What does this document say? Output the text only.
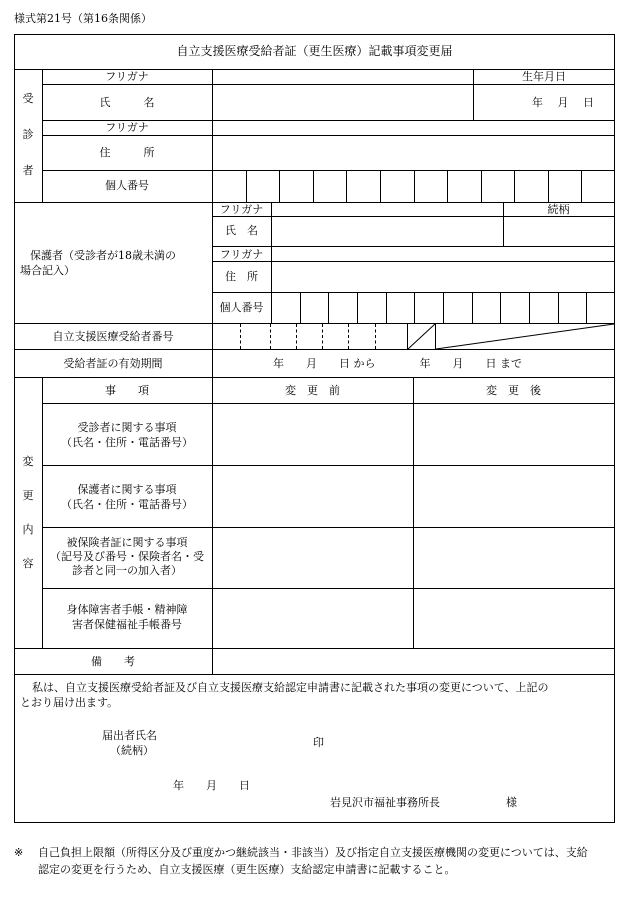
様式第21号（第16条関係）
自立支援医療受給者証（更生医療）記載事項変更届
受
診
者
フリガナ	生年月日
氏　　　名	年　 月　 日
フリガナ
住　　　所
個人番号
保護者（受診者が18歳未満の
場合記入）
フリガナ	続柄
氏　名
フリガナ
住　所
個人番号
自立支援医療受給者番号
受給者証の有効期間	年　　月　　日 から　　　　年　　月　　日 まで
変
更
内
容
事　　項	変　更　前	変　更　後
受診者に関する事項
（氏名・住所・電話番号）
保護者に関する事項
（氏名・住所・電話番号）
被保険者証に関する事項
（記号及び番号・保険者名・受
診者と同一の加入者）
身体障害者手帳・精神障
害者保健福祉手帳番号
備　　考
私は、自立支援医療受給者証及び自立支援医療支給認定申請書に記載された事項の変更について、上記の
とおり届け出ます。
届出者氏名
（続柄）
印
年　　月　　日
岩見沢市福祉事務所長	様
※ 自己負担上限額（所得区分及び重度かつ継続該当・非該当）及び指定自立支援医療機関の変更については、支給
認定の変更を行うため、自立支援医療（更生医療）支給認定申請書に記載すること。
